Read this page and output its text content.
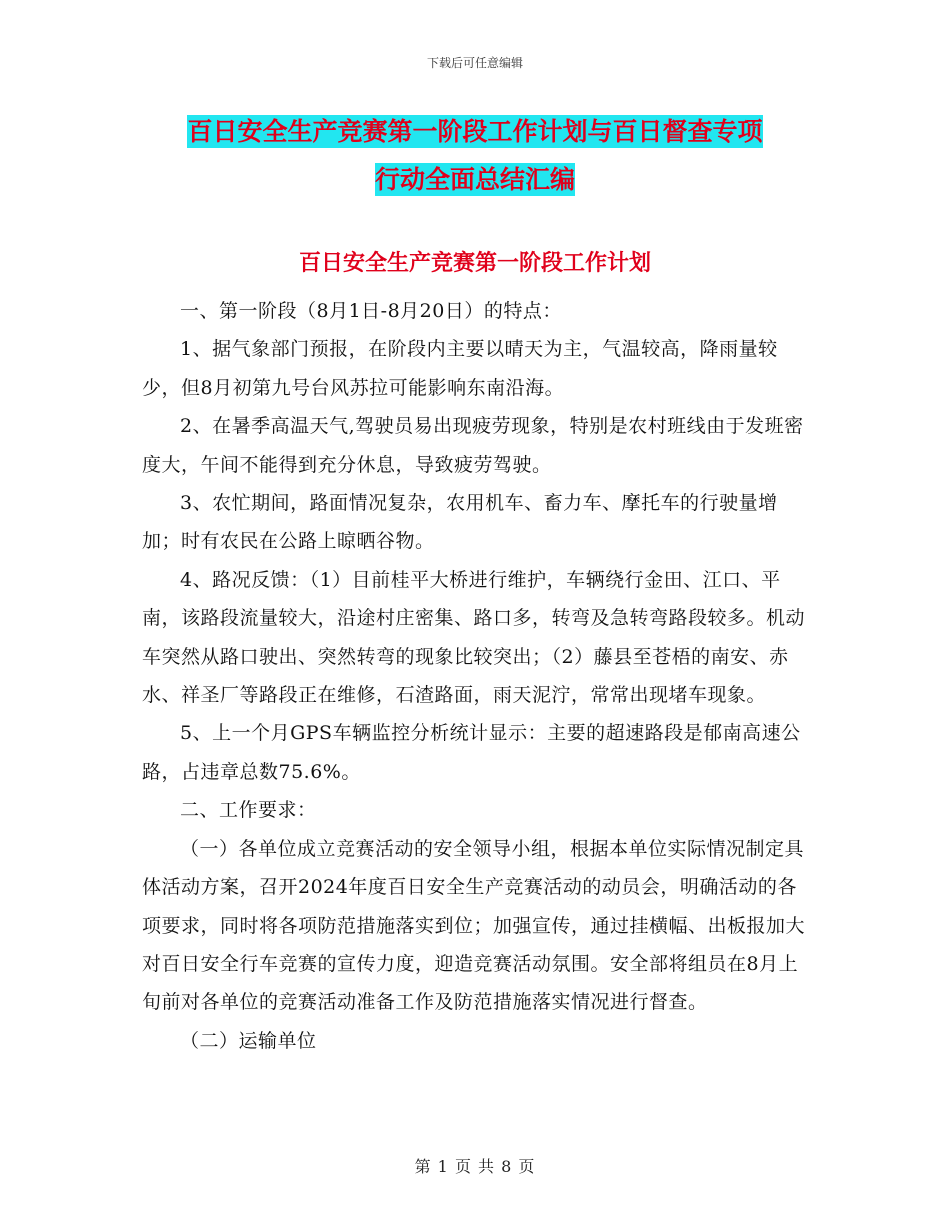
下载后可任意编辑
百日安全生产竞赛第一阶段工作计划与百日督查专项
行动全面总结汇编
百日安全生产竞赛第一阶段工作计划

一、第一阶段（8月1日-8月20日）的特点：

1、据气象部门预报，在阶段内主要以晴天为主，气温较高，降雨量较少，但8月初第九号台风苏拉可能影响东南沿海。

2、在暑季高温天气,驾驶员易出现疲劳现象，特别是农村班线由于发班密度大，午间不能得到充分休息，导致疲劳驾驶。

3、农忙期间，路面情况复杂，农用机车、畜力车、摩托车的行驶量增加；时有农民在公路上晾晒谷物。

4、路况反馈：（1）目前桂平大桥进行维护，车辆绕行金田、江口、平南，该路段流量较大，沿途村庄密集、路口多，转弯及急转弯路段较多。机动车突然从路口驶出、突然转弯的现象比较突出；（2）藤县至苍梧的南安、赤水、祥圣厂等路段正在维修，石渣路面，雨天泥泞，常常出现堵车现象。

5、上一个月GPS车辆监控分析统计显示：主要的超速路段是郁南高速公路，占违章总数75.6%。

二、工作要求：

（一）各单位成立竞赛活动的安全领导小组，根据本单位实际情况制定具体活动方案，召开2024年度百日安全生产竞赛活动的动员会，明确活动的各项要求，同时将各项防范措施落实到位；加强宣传，通过挂横幅、出板报加大对百日安全行车竞赛的宣传力度，迎造竞赛活动氛围。安全部将组员在8月上旬前对各单位的竞赛活动准备工作及防范措施落实情况进行督查。

（二）运输单位

第 1 页 共 8 页
